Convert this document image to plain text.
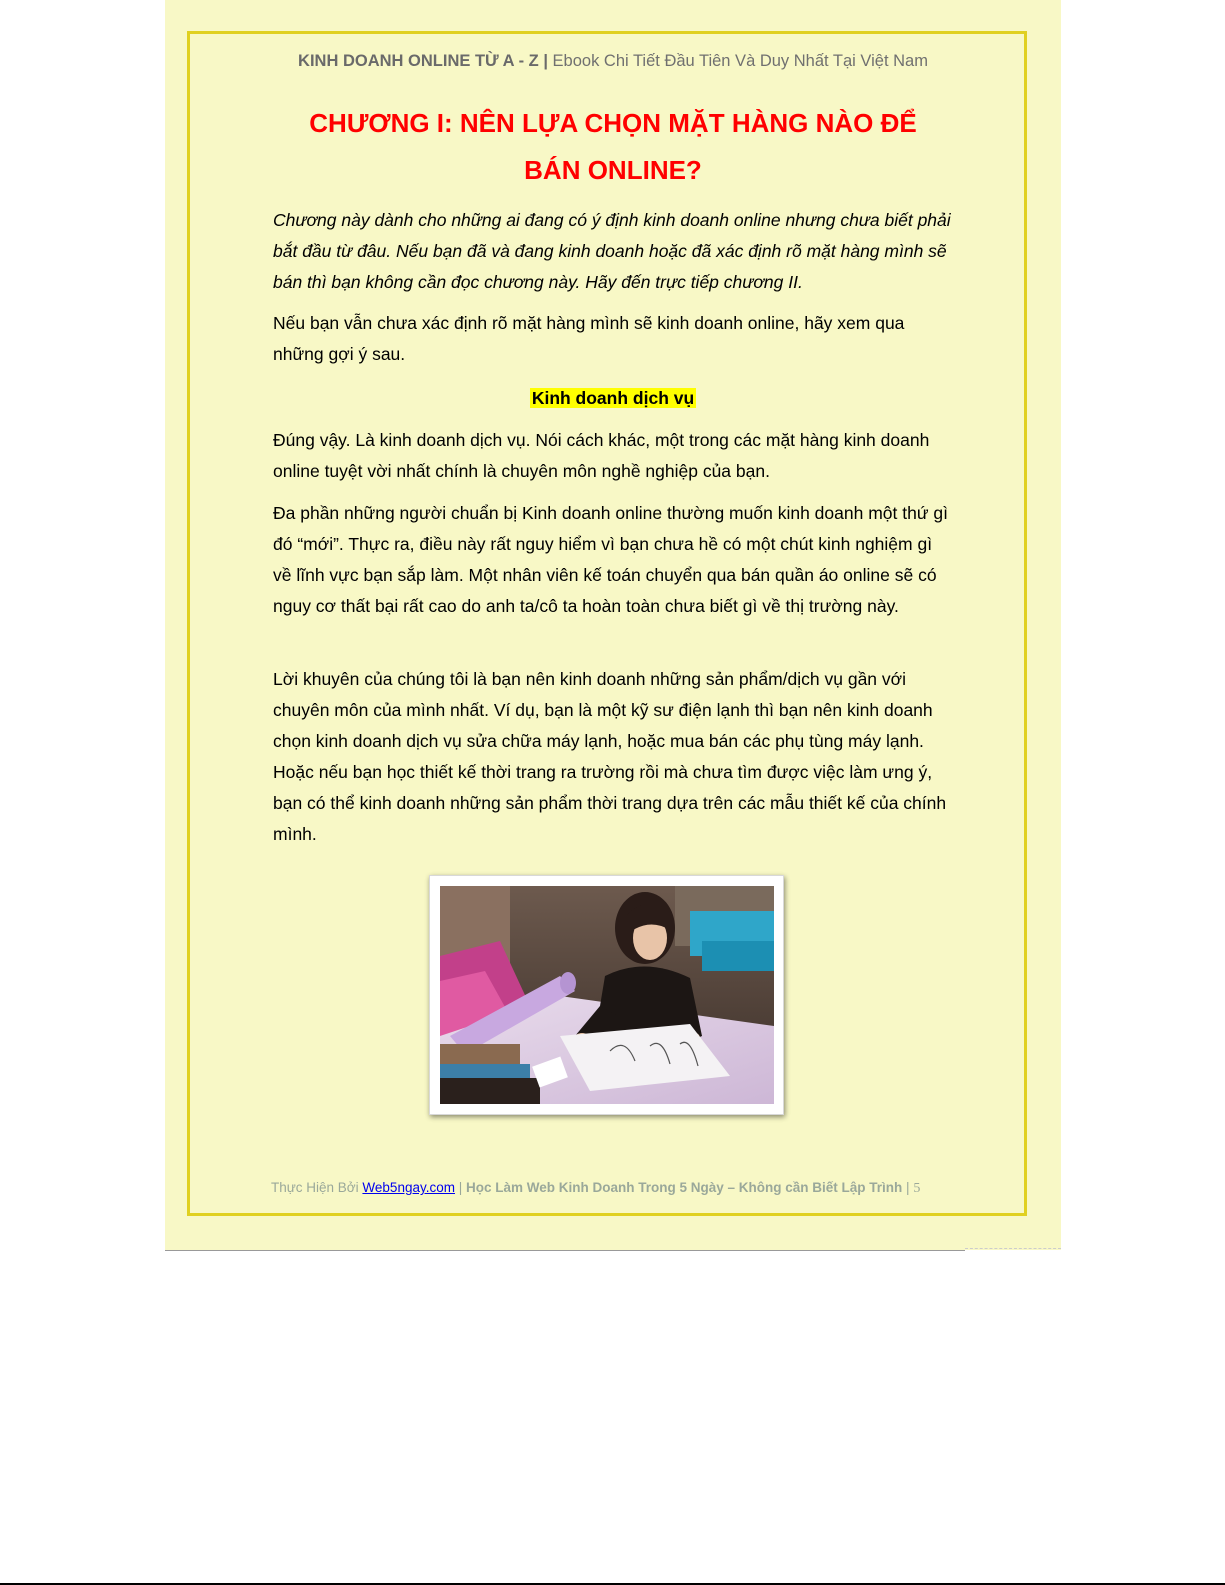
KINH DOANH ONLINE TỪ A - Z | Ebook Chi Tiết Đầu Tiên Và Duy Nhất Tại Việt Nam
CHƯƠNG I: NÊN LỰA CHỌN MẶT HÀNG NÀO ĐỂ
BÁN ONLINE?
Chương này dành cho những ai đang có ý định kinh doanh online nhưng chưa biết phải bắt đầu từ đâu. Nếu bạn đã và đang kinh doanh hoặc đã xác định rõ mặt hàng mình sẽ bán thì bạn không cần đọc chương này. Hãy đến trực tiếp chương II.
Nếu bạn vẫn chưa xác định rõ mặt hàng mình sẽ kinh doanh online, hãy xem qua những gợi ý sau.
Kinh doanh dịch vụ
Đúng vậy. Là kinh doanh dịch vụ. Nói cách khác, một trong các mặt hàng kinh doanh online tuyệt vời nhất chính là chuyên môn nghề nghiệp của bạn.
Đa phần những người chuẩn bị Kinh doanh online thường muốn kinh doanh một thứ gì đó “mới”. Thực ra, điều này rất nguy hiểm vì bạn chưa hề có một chút kinh nghiệm gì về lĩnh vực bạn sắp làm. Một nhân viên kế toán chuyển qua bán quần áo online sẽ có nguy cơ thất bại rất cao do anh ta/cô ta hoàn toàn chưa biết gì về thị trường này.
Lời khuyên của chúng tôi là bạn nên kinh doanh những sản phẩm/dịch vụ gần với chuyên môn của mình nhất. Ví dụ, bạn là một kỹ sư điện lạnh thì bạn nên kinh doanh chọn kinh doanh dịch vụ sửa chữa máy lạnh, hoặc mua bán các phụ tùng máy lạnh. Hoặc nếu bạn học thiết kế thời trang ra trường rồi mà chưa tìm được việc làm ưng ý, bạn có thể kinh doanh những sản phẩm thời trang dựa trên các mẫu thiết kế của chính mình.
Thực Hiện Bởi Web5ngay.com | Học Làm Web Kinh Doanh Trong 5 Ngày – Không cần Biết Lập Trình | 5
